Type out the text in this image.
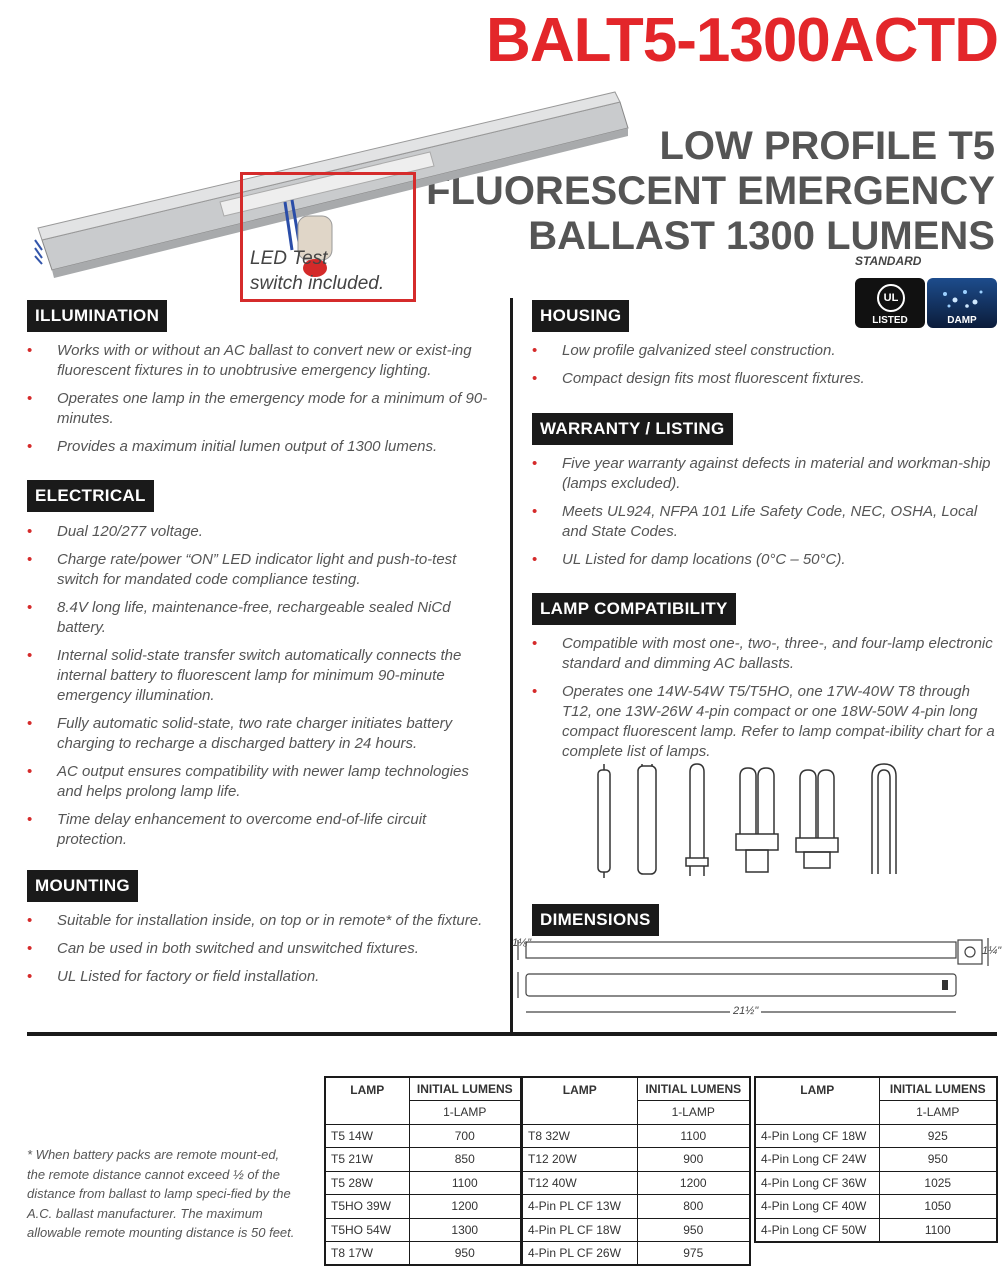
BALT5-1300ACTD
LOW PROFILE T5
FLUORESCENT EMERGENCY
BALLAST 1300 LUMENS
STANDARD
UL
LISTED	DAMP
LED Test
switch included.
ILLUMINATION
• Works with or without an AC ballast to convert new or exist-ing fluorescent fixtures in to unobtrusive emergency lighting.
• Operates one lamp in the emergency mode for a minimum of 90-minutes.
• Provides a maximum initial lumen output of 1300 lumens.
ELECTRICAL
• Dual 120/277 voltage.
• Charge rate/power “ON” LED indicator light and push-to-test switch for mandated code compliance testing.
• 8.4V long life, maintenance-free, rechargeable sealed NiCd battery.
• Internal solid-state transfer switch automatically connects the internal battery to fluorescent lamp for minimum 90-minute emergency illumination.
• Fully automatic solid-state, two rate charger initiates battery charging to recharge a discharged battery in 24 hours.
• AC output ensures compatibility with newer lamp technologies and helps prolong lamp life.
• Time delay enhancement to overcome end-of-life circuit protection.
MOUNTING
• Suitable for installation inside, on top or in remote* of the fixture.
• Can be used in both switched and unswitched fixtures.
• UL Listed for factory or field installation.
HOUSING
• Low profile galvanized steel construction.
• Compact design fits most fluorescent fixtures.
WARRANTY / LISTING
• Five year warranty against defects in material and workman-ship (lamps excluded).
• Meets UL924, NFPA 101 Life Safety Code, NEC, OSHA, Local and State Codes.
• UL Listed for damp locations (0°C – 50°C).
LAMP COMPATIBILITY
• Compatible with most one-, two-, three-, and four-lamp electronic standard and dimming AC ballasts.
• Operates one 14W-54W T5/T5HO, one 17W-40W T8 through T12, one 13W-26W 4-pin compact or one 18W-50W 4-pin long compact fluorescent lamp. Refer to lamp compat-ibility chart for a complete list of lamps.
DIMENSIONS
1⅛"
21½"
1¼"
* When battery packs are remote mount-ed, the remote distance cannot exceed ½ of the distance from ballast to lamp speci-fied by the A.C. ballast manufacturer. The maximum allowable remote mounting distance is 50 feet.
LAMP	INITIAL LUMENS
	1-LAMP
T5 14W	700
T5 21W	850
T5 28W	1100
T5HO 39W	1200
T5HO 54W	1300
T8 17W	950
LAMP	INITIAL LUMENS
	1-LAMP
T8 32W	1100
T12 20W	900
T12 40W	1200
4-Pin PL CF 13W	800
4-Pin PL CF 18W	950
4-Pin PL CF 26W	975
LAMP	INITIAL LUMENS
	1-LAMP
4-Pin Long CF 18W	925
4-Pin Long CF 24W	950
4-Pin Long CF 36W	1025
4-Pin Long CF 40W	1050
4-Pin Long CF 50W	1100
